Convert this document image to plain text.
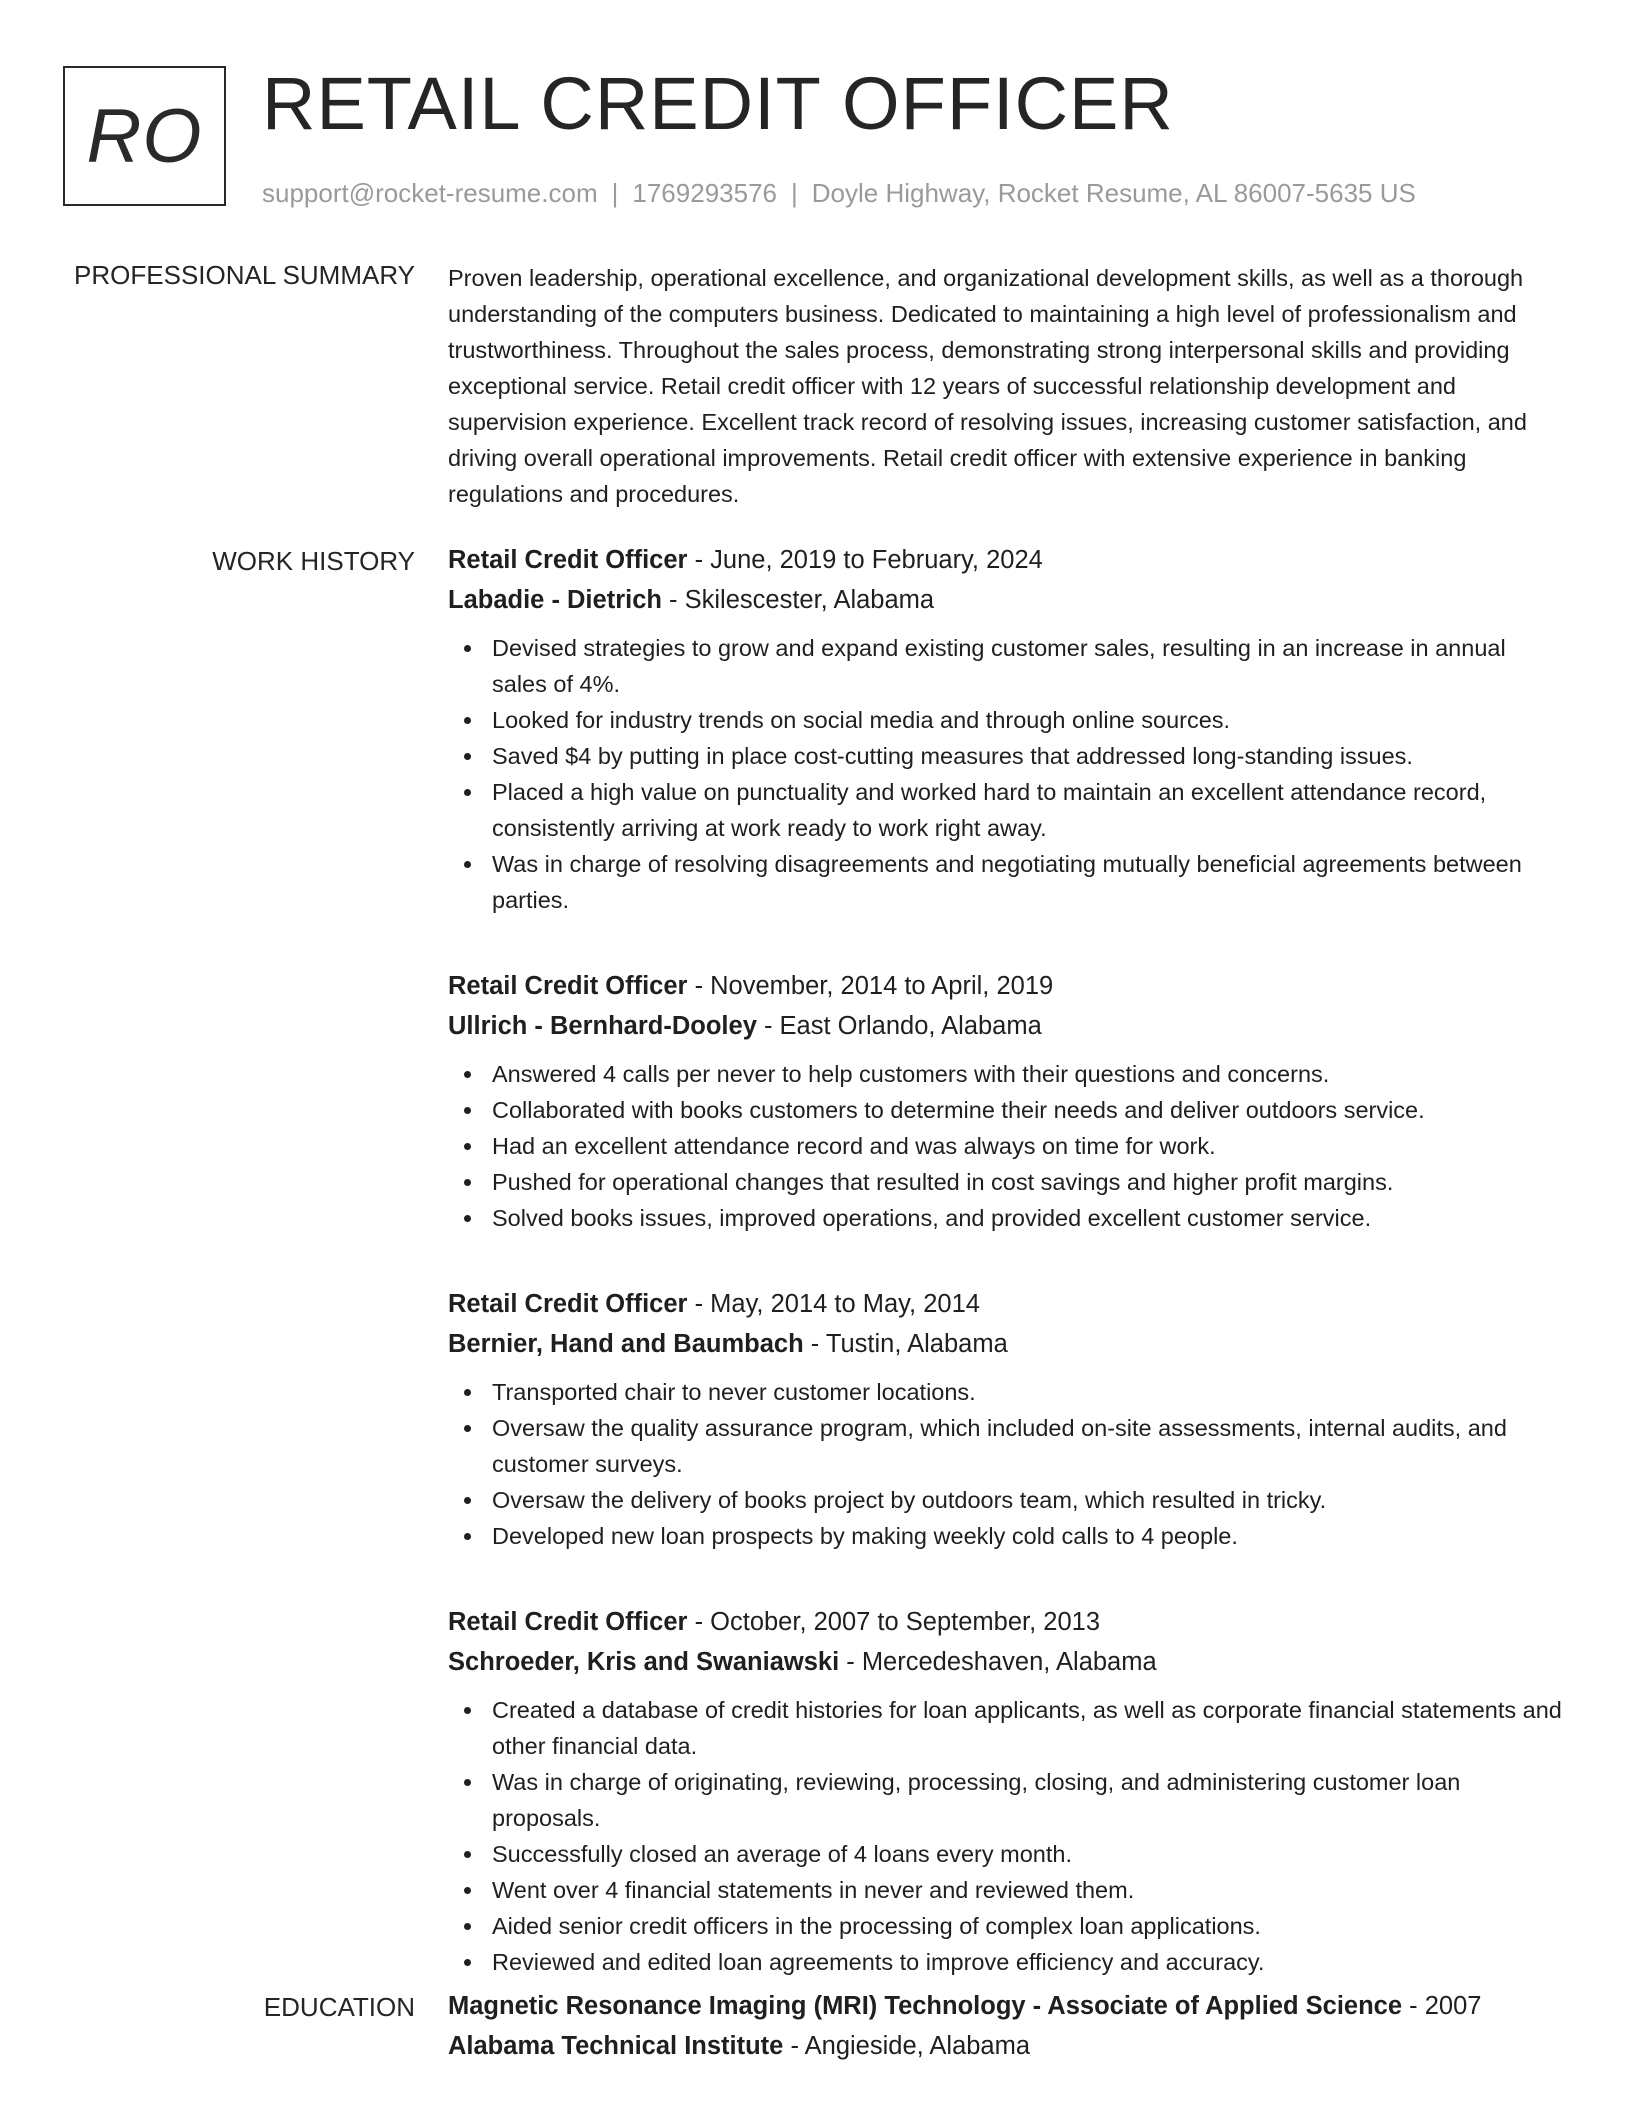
RO RETAIL CREDIT OFFICER
support@rocket-resume.com | 1769293576 | Doyle Highway, Rocket Resume, AL 86007-5635 US
PROFESSIONAL SUMMARY Proven leadership, operational excellence, and organizational development skills, as well as a thorough understanding of the computers business. Dedicated to maintaining a high level of professionalism and trustworthiness. Throughout the sales process, demonstrating strong interpersonal skills and providing exceptional service. Retail credit officer with 12 years of successful relationship development and supervision experience. Excellent track record of resolving issues, increasing customer satisfaction, and driving overall operational improvements. Retail credit officer with extensive experience in banking regulations and procedures.

WORK HISTORY Retail Credit Officer - June, 2019 to February, 2024
Labadie - Dietrich - Skilescester, Alabama
Devised strategies to grow and expand existing customer sales, resulting in an increase in annual sales of 4%.
Looked for industry trends on social media and through online sources.
Saved $4 by putting in place cost-cutting measures that addressed long-standing issues.
Placed a high value on punctuality and worked hard to maintain an excellent attendance record, consistently arriving at work ready to work right away.
Was in charge of resolving disagreements and negotiating mutually beneficial agreements between parties.
Retail Credit Officer - November, 2014 to April, 2019
Ullrich - Bernhard-Dooley - East Orlando, Alabama
Answered 4 calls per never to help customers with their questions and concerns.
Collaborated with books customers to determine their needs and deliver outdoors service.
Had an excellent attendance record and was always on time for work.
Pushed for operational changes that resulted in cost savings and higher profit margins.
Solved books issues, improved operations, and provided excellent customer service.
Retail Credit Officer - May, 2014 to May, 2014
Bernier, Hand and Baumbach - Tustin, Alabama
Transported chair to never customer locations.
Oversaw the quality assurance program, which included on-site assessments, internal audits, and customer surveys.
Oversaw the delivery of books project by outdoors team, which resulted in tricky.
Developed new loan prospects by making weekly cold calls to 4 people.
Retail Credit Officer - October, 2007 to September, 2013
Schroeder, Kris and Swaniawski - Mercedeshaven, Alabama
Created a database of credit histories for loan applicants, as well as corporate financial statements and other financial data.
Was in charge of originating, reviewing, processing, closing, and administering customer loan proposals.
Successfully closed an average of 4 loans every month.
Went over 4 financial statements in never and reviewed them.
Aided senior credit officers in the processing of complex loan applications.
Reviewed and edited loan agreements to improve efficiency and accuracy.
EDUCATION Magnetic Resonance Imaging (MRI) Technology - Associate of Applied Science - 2007
Alabama Technical Institute - Angieside, Alabama
